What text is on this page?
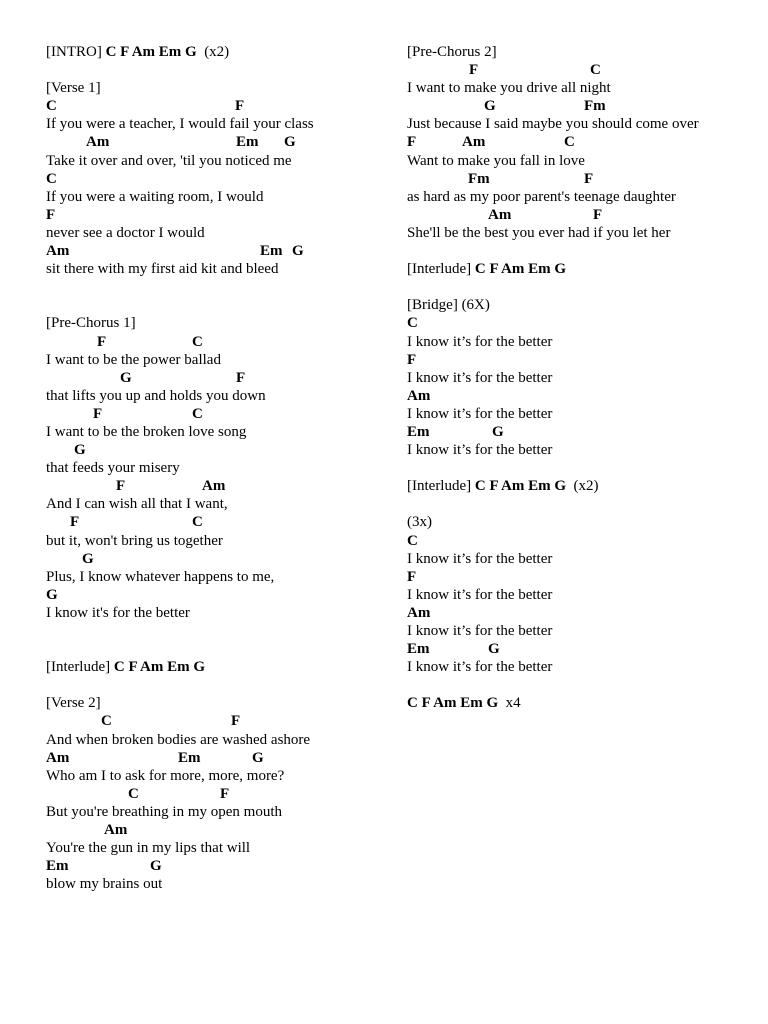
[INTRO] C F Am Em G  (x2)
[Verse 1]
C	F
If you were a teacher, I would fail your class
Am	Em G
Take it over and over, 'til you noticed me
C
If you were a waiting room, I would
F
never see a doctor I would
Am	Em G
sit there with my first aid kit and bleed
[Pre-Chorus 1]
F	C
I want to be the power ballad
G	F
that lifts you up and holds you down
F	C
I want to be the broken love song
G
that feeds your misery
F	Am
And I can wish all that I want,
F	C
but it, won't bring us together
G
Plus, I know whatever happens to me,
G
I know it's for the better
[Interlude] C F Am Em G
[Verse 2]
C	F
And when broken bodies are washed ashore
Am	Em	G
Who am I to ask for more, more, more?
C	F
But you're breathing in my open mouth
Am
You're the gun in my lips that will
Em	G
blow my brains out
[Pre-Chorus 2]
F	C
I want to make you drive all night
G	Fm
Just because I said maybe you should come over
F	Am	C
Want to make you fall in love
Fm	F
as hard as my poor parent's teenage daughter
Am	F
She'll be the best you ever had if you let her
[Interlude] C F Am Em G
[Bridge] (6X)
C
I know it’s for the better
F
I know it’s for the better
Am
I know it’s for the better
Em	G
I know it’s for the better
[Interlude] C F Am Em G  (x2)
(3x)
C
I know it’s for the better
F
I know it’s for the better
Am
I know it’s for the better
Em	G
I know it’s for the better
C F Am Em G  x4
